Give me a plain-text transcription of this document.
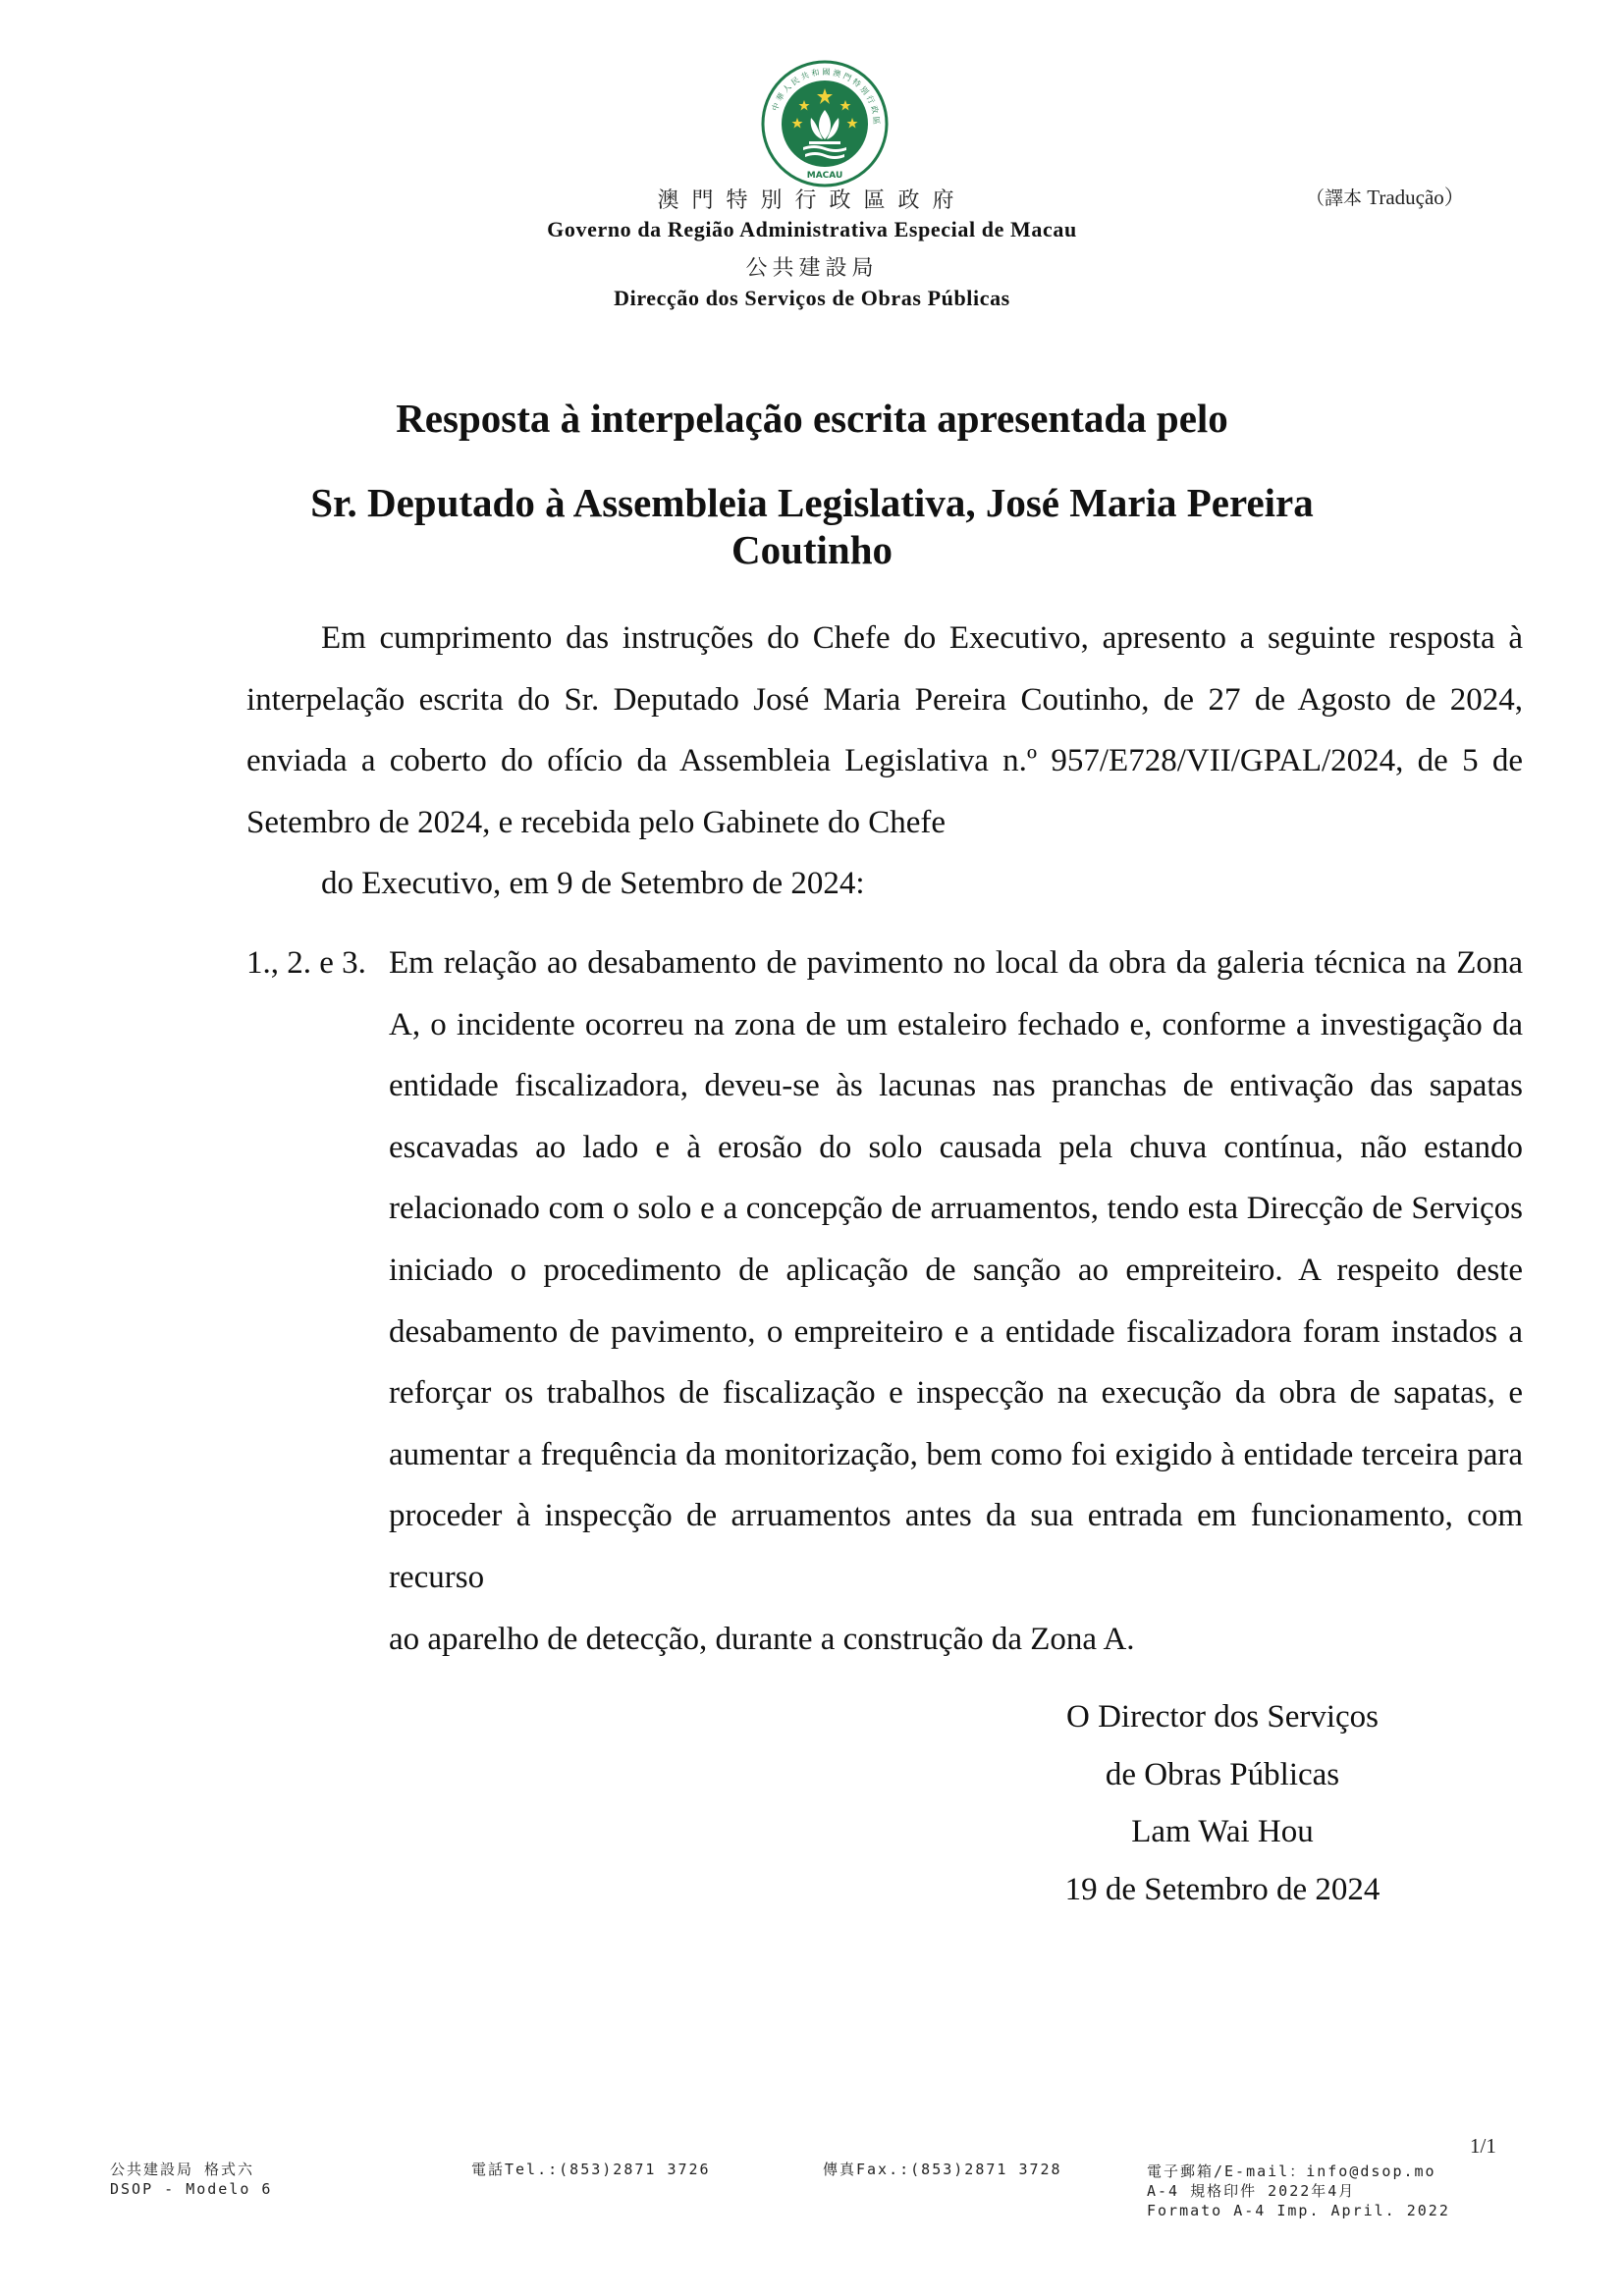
中 華 人 民 共 和 國 澳 門 特 別 行 政 區
MACAU
澳門特別行政區政府
Governo da Região Administrativa Especial de Macau
公共建設局
Direcção dos Serviços de Obras Públicas
（譯本 Tradução）
Resposta à interpelação escrita apresentada pelo
Sr. Deputado à Assembleia Legislativa, José Maria Pereira
Coutinho
Em cumprimento das instruções do Chefe do Executivo, apresento a seguinte resposta à interpelação escrita do Sr. Deputado José Maria Pereira Coutinho, de 27 de Agosto de 2024, enviada a coberto do ofício da Assembleia Legislativa n.º 957/E728/VII/GPAL/2024, de 5 de Setembro de 2024, e recebida pelo Gabinete do Chefe
do Executivo, em 9 de Setembro de 2024:
1., 2. e 3. Em relação ao desabamento de pavimento no local da obra da galeria técnica na Zona A, o incidente ocorreu na zona de um estaleiro fechado e, conforme a investigação da entidade fiscalizadora, deveu-se às lacunas nas pranchas de entivação das sapatas escavadas ao lado e à erosão do solo causada pela chuva contínua, não estando relacionado com o solo e a concepção de arruamentos, tendo esta Direcção de Serviços iniciado o procedimento de aplicação de sanção ao empreiteiro. A respeito deste desabamento de pavimento, o empreiteiro e a entidade fiscalizadora foram instados a reforçar os trabalhos de fiscalização e inspecção na execução da obra de sapatas, e aumentar a frequência da monitorização, bem como foi exigido à entidade terceira para proceder à inspecção de arruamentos antes da sua entrada em funcionamento, com recurso
ao aparelho de detecção, durante a construção da Zona A.
O Director dos Serviços
de Obras Públicas
Lam Wai Hou
19 de Setembro de 2024
1/1
公共建設局 格式六
DSOP - Modelo 6
電話Tel.:(853)2871 3726	傳真Fax.:(853)2871 3728	電子郵箱/E-mail：info@dsop.mo
A-4 規格印件 2022年4月
Formato A-4 Imp. April. 2022
